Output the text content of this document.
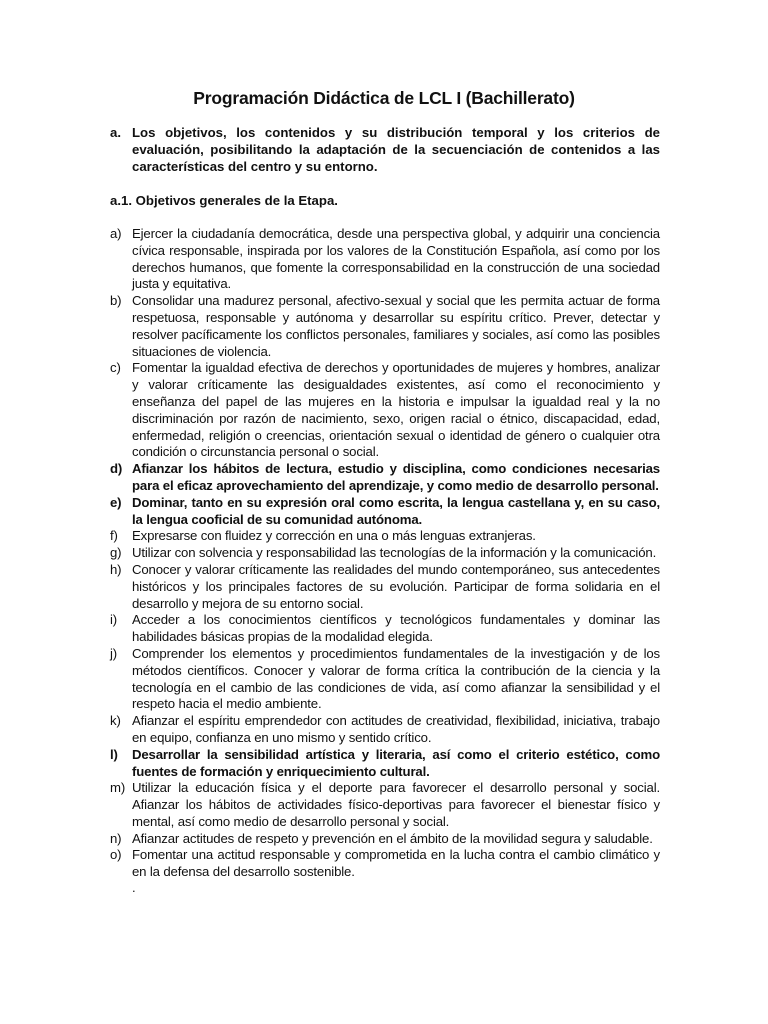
Programación Didáctica de LCL I (Bachillerato)
a. Los objetivos, los contenidos y su distribución temporal y los criterios de evaluación, posibilitando la adaptación de la secuenciación de contenidos a las características del centro y su entorno.
a.1. Objetivos generales de la Etapa.
a) Ejercer la ciudadanía democrática, desde una perspectiva global, y adquirir una conciencia cívica responsable, inspirada por los valores de la Constitución Española, así como por los derechos humanos, que fomente la corresponsabilidad en la construcción de una sociedad justa y equitativa.
b) Consolidar una madurez personal, afectivo-sexual y social que les permita actuar de forma respetuosa, responsable y autónoma y desarrollar su espíritu crítico. Prever, detectar y resolver pacíficamente los conflictos personales, familiares y sociales, así como las posibles situaciones de violencia.
c) Fomentar la igualdad efectiva de derechos y oportunidades de mujeres y hombres, analizar y valorar críticamente las desigualdades existentes, así como el reconocimiento y enseñanza del papel de las mujeres en la historia e impulsar la igualdad real y la no discriminación por razón de nacimiento, sexo, origen racial o étnico, discapacidad, edad, enfermedad, religión o creencias, orientación sexual o identidad de género o cualquier otra condición o circunstancia personal o social.
d) Afianzar los hábitos de lectura, estudio y disciplina, como condiciones necesarias para el eficaz aprovechamiento del aprendizaje, y como medio de desarrollo personal.
e) Dominar, tanto en su expresión oral como escrita, la lengua castellana y, en su caso, la lengua cooficial de su comunidad autónoma.
f)	Expresarse con fluidez y corrección en una o más lenguas extranjeras.
g) Utilizar con solvencia y responsabilidad las tecnologías de la información y la comunicación.
h) Conocer y valorar críticamente las realidades del mundo contemporáneo, sus antecedentes históricos y los principales factores de su evolución. Participar de forma solidaria en el desarrollo y mejora de su entorno social.
i)	Acceder a los conocimientos científicos y tecnológicos fundamentales y dominar las habilidades básicas propias de la modalidad elegida.
j)	Comprender los elementos y procedimientos fundamentales de la investigación y de los métodos científicos. Conocer y valorar de forma crítica la contribución de la ciencia y la tecnología en el cambio de las condiciones de vida, así como afianzar la sensibilidad y el respeto hacia el medio ambiente.
k) Afianzar el espíritu emprendedor con actitudes de creatividad, flexibilidad, iniciativa, trabajo en equipo, confianza en uno mismo y sentido crítico.
l)	Desarrollar la sensibilidad artística y literaria, así como el criterio estético, como fuentes de formación y enriquecimiento cultural.
m) Utilizar la educación física y el deporte para favorecer el desarrollo personal y social. Afianzar los hábitos de actividades físico-deportivas para favorecer el bienestar físico y mental, así como medio de desarrollo personal y social.
n) Afianzar actitudes de respeto y prevención en el ámbito de la movilidad segura y saludable.
o) Fomentar una actitud responsable y comprometida en la lucha contra el cambio climático y en la defensa del desarrollo sostenible.
.
